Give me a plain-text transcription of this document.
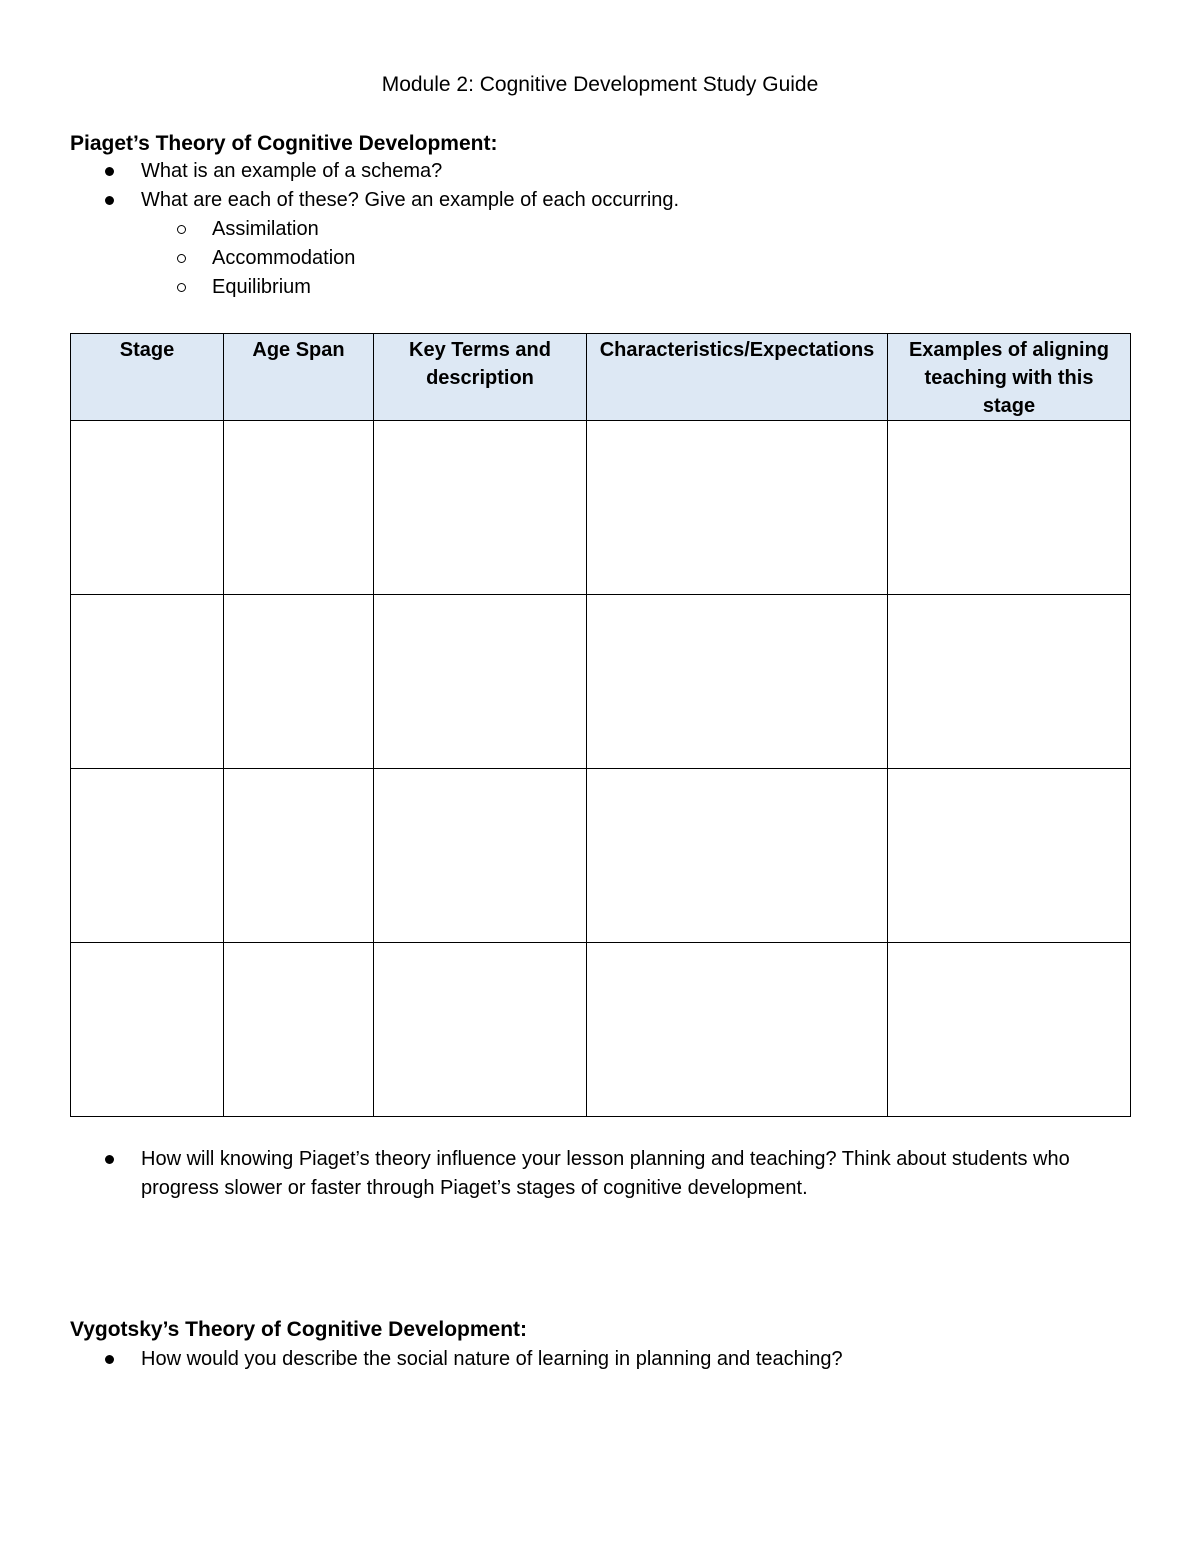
Module 2: Cognitive Development Study Guide
Piaget’s Theory of Cognitive Development:
What is an example of a schema?
What are each of these? Give an example of each occurring.
Assimilation
Accommodation
Equilibrium
Stage	Age Span	Key Terms and description	Characteristics/Expectations	Examples of aligning teaching with this stage

How will knowing Piaget’s theory influence your lesson planning and teaching? Think about students who progress slower or faster through Piaget’s stages of cognitive development.
Vygotsky’s Theory of Cognitive Development:
How would you describe the social nature of learning in planning and teaching?
